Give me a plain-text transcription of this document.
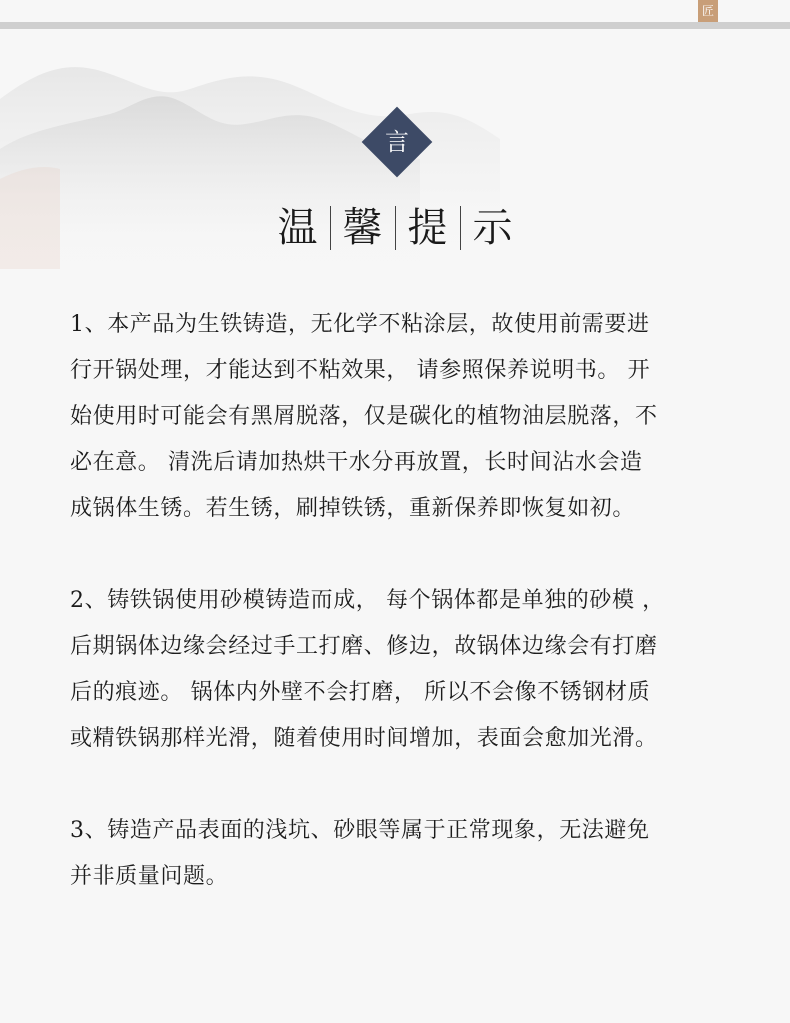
匠
言
温 馨 提 示

1、本产品为生铁铸造，无化学不粘涂层，故使用前需要进
行开锅处理，才能达到不粘效果， 请参照保养说明书。 开
始使用时可能会有黑屑脱落，仅是碳化的植物油层脱落，不
必在意。 清洗后请加热烘干水分再放置，长时间沾水会造
成锅体生锈。若生锈，刷掉铁锈，重新保养即恢复如初。

2、铸铁锅使用砂模铸造而成， 每个锅体都是单独的砂模 ，
后期锅体边缘会经过手工打磨、修边，故锅体边缘会有打磨
后的痕迹。 锅体内外壁不会打磨， 所以不会像不锈钢材质
或精铁锅那样光滑，随着使用时间增加，表面会愈加光滑。

3、铸造产品表面的浅坑、砂眼等属于正常现象，无法避免
并非质量问题。
